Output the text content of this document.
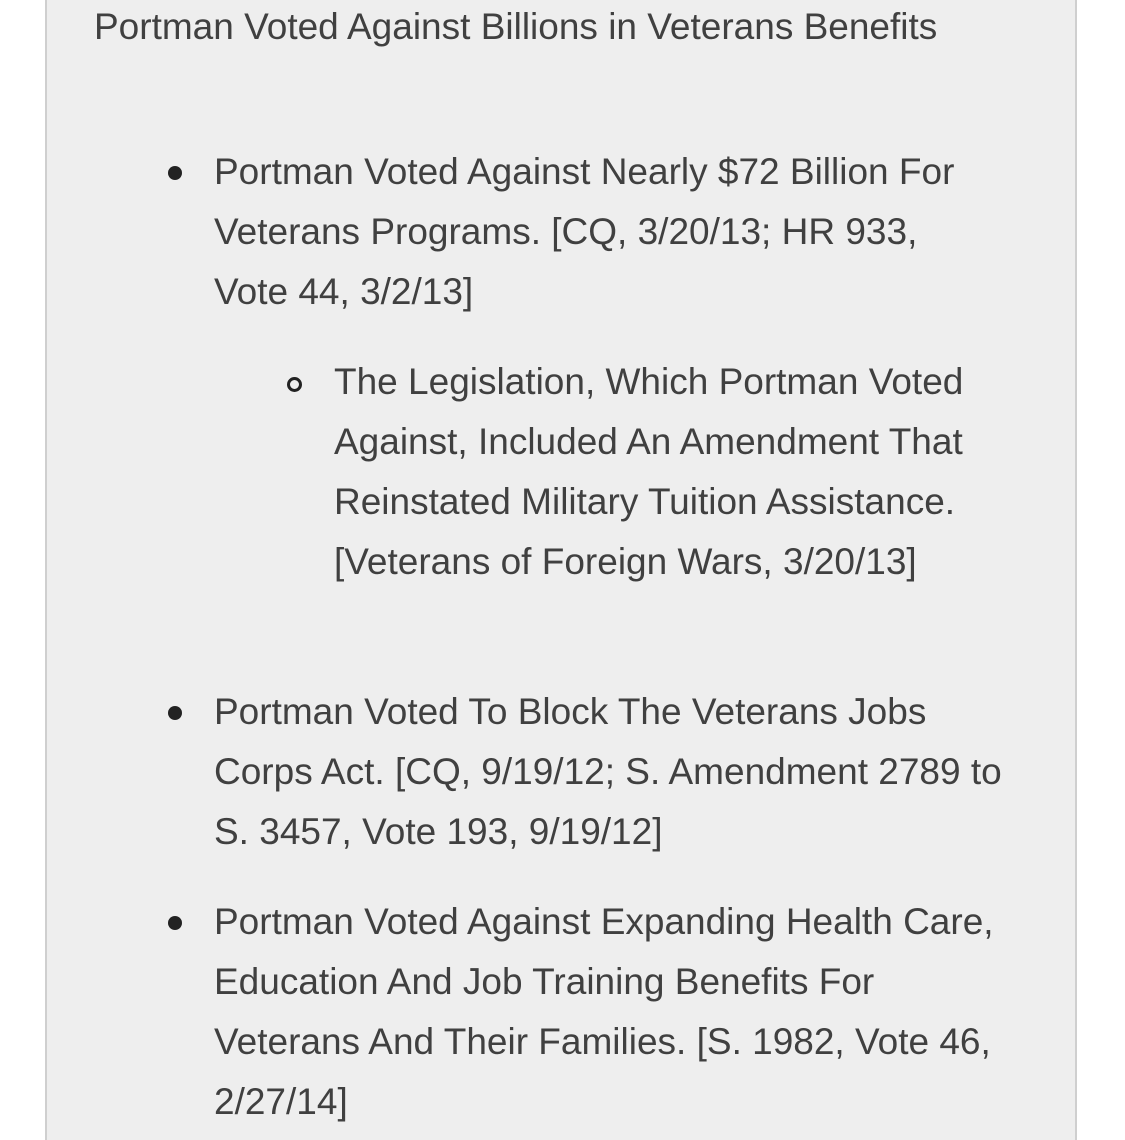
Portman Voted Against Billions in Veterans Benefits

Portman Voted Against Nearly $72 Billion For Veterans Programs. [CQ, 3/20/13; HR 933, Vote 44, 3/2/13]

The Legislation, Which Portman Voted Against, Included An Amendment That Reinstated Military Tuition Assistance. [Veterans of Foreign Wars, 3/20/13]

Portman Voted To Block The Veterans Jobs Corps Act. [CQ, 9/19/12; S. Amendment 2789 to S. 3457, Vote 193, 9/19/12]

Portman Voted Against Expanding Health Care, Education And Job Training Benefits For Veterans And Their Families. [S. 1982, Vote 46, 2/27/14]
